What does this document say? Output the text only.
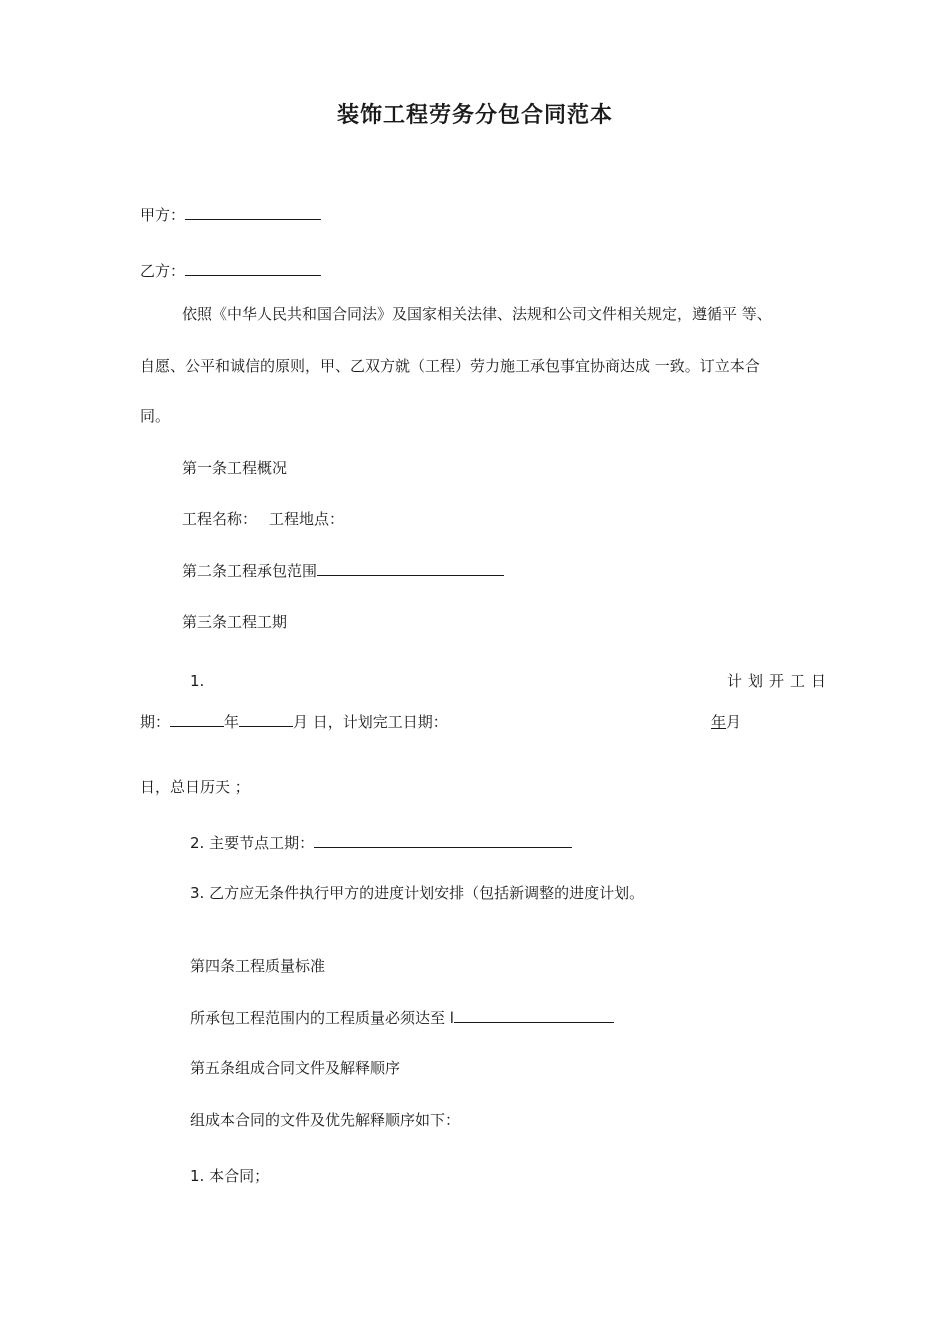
装饰工程劳务分包合同范本
甲方：
乙方：
依照《中华人民共和国合同法》及国家相关法律、法规和公司文件相关规定，遵循平 等、
自愿、公平和诚信的原则，甲、乙双方就（工程）劳力施工承包事宜协商达成 一致。订立本合
同。
第一条工程概况
工程名称： 工程地点：
第二条工程承包范围
第三条工程工期
1.	计划开工日
期：	年	月 日，计划完工日期：	年月
日，总日历天 ；
2. 主要节点工期：
3. 乙方应无条件执行甲方的进度计划安排（包括新调整的进度计划。
第四条工程质量标准
所承包工程范围内的工程质量必须达至 l
第五条组成合同文件及解释顺序
组成本合同的文件及优先解释顺序如下：
1. 本合同；
